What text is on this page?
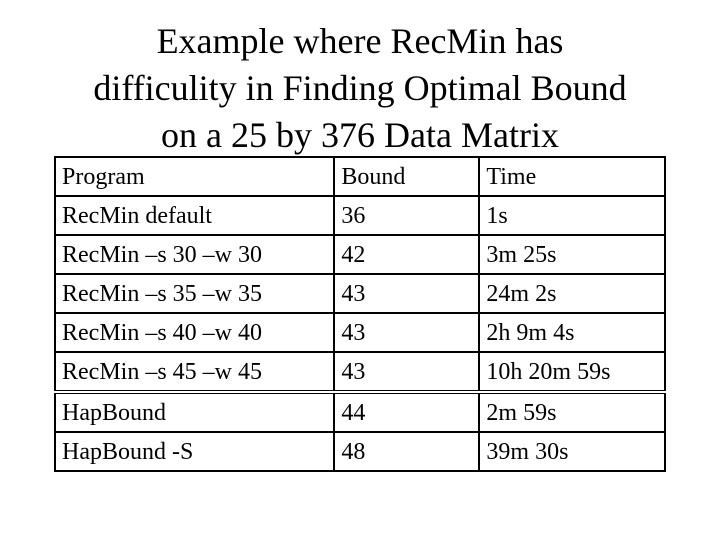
Example where RecMin has
difficulity in Finding Optimal Bound
on a 25 by 376 Data Matrix
Program	Bound	Time
RecMin default	36	1s
RecMin –s 30 –w 30	42	3m 25s
RecMin –s 35 –w 35	43	24m 2s
RecMin –s 40 –w 40	43	2h 9m 4s
RecMin –s 45 –w 45	43	10h 20m 59s
HapBound	44	2m 59s
HapBound -S	48	39m 30s
